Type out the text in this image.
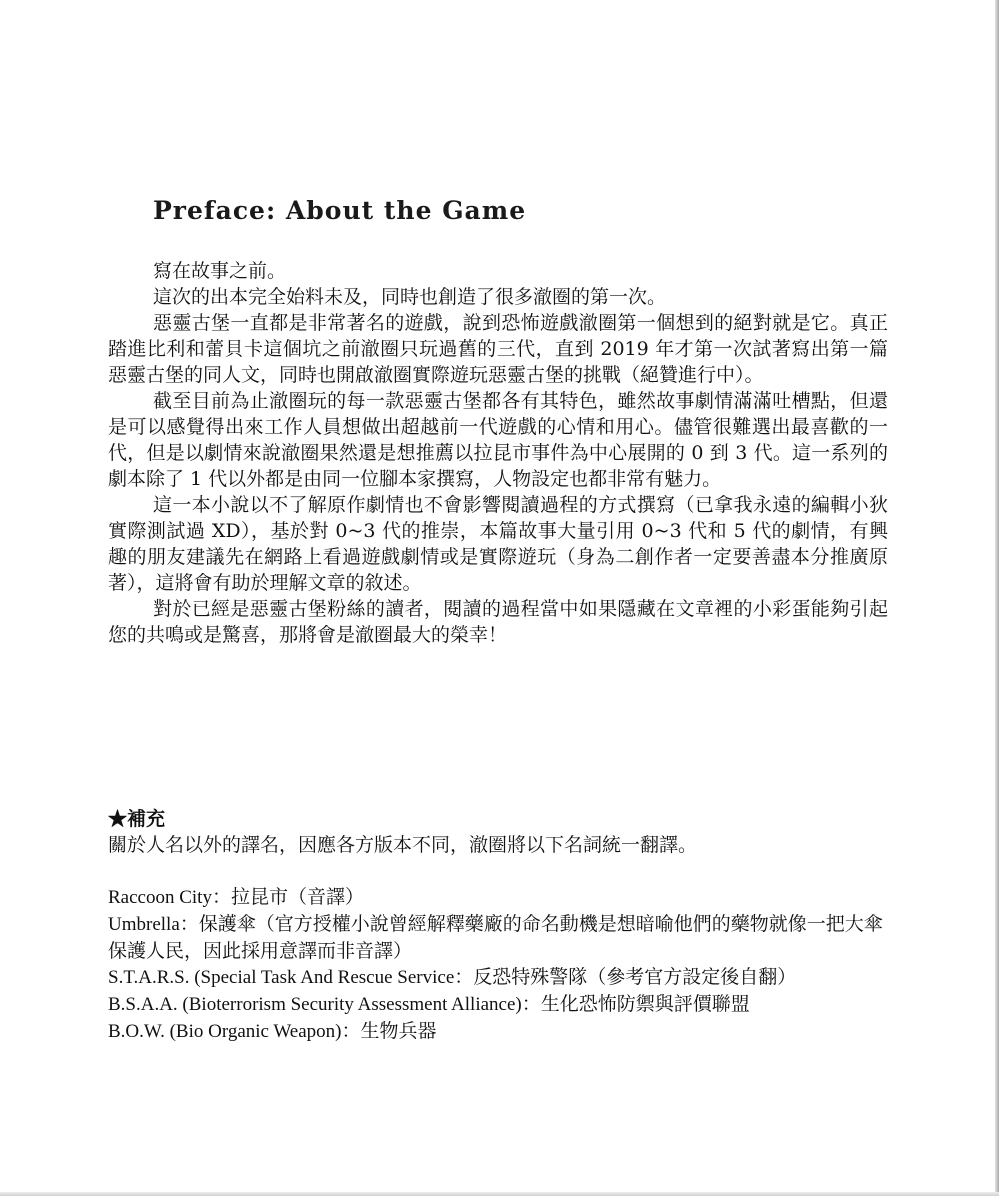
Preface: About the Game

寫在故事之前。

這次的出本完全始料未及，同時也創造了很多澈圈的第一次。

惡靈古堡一直都是非常著名的遊戲，說到恐怖遊戲澈圈第一個想到的絕對就是它。真正踏進比利和蕾貝卡這個坑之前澈圈只玩過舊的三代，直到 2019 年才第一次試著寫出第一篇惡靈古堡的同人文，同時也開啟澈圈實際遊玩惡靈古堡的挑戰（絕贊進行中）。

截至目前為止澈圈玩的每一款惡靈古堡都各有其特色，雖然故事劇情滿滿吐槽點，但還是可以感覺得出來工作人員想做出超越前一代遊戲的心情和用心。儘管很難選出最喜歡的一代，但是以劇情來說澈圈果然還是想推薦以拉昆市事件為中心展開的 0 到 3 代。這一系列的劇本除了 1 代以外都是由同一位腳本家撰寫，人物設定也都非常有魅力。

這一本小說以不了解原作劇情也不會影響閱讀過程的方式撰寫（已拿我永遠的編輯小狄實際測試過 XD），基於對 0~3 代的推崇，本篇故事大量引用 0~3 代和 5 代的劇情，有興趣的朋友建議先在網路上看過遊戲劇情或是實際遊玩（身為二創作者一定要善盡本分推廣原著），這將會有助於理解文章的敘述。

對於已經是惡靈古堡粉絲的讀者，閱讀的過程當中如果隱藏在文章裡的小彩蛋能夠引起您的共鳴或是驚喜，那將會是澈圈最大的榮幸！

★補充

關於人名以外的譯名，因應各方版本不同，澈圈將以下名詞統一翻譯。

Raccoon City：拉昆市（音譯）

Umbrella：保護傘（官方授權小說曾經解釋藥廠的命名動機是想暗喻他們的藥物就像一把大傘保護人民，因此採用意譯而非音譯）

S.T.A.R.S. (Special Task And Rescue Service：反恐特殊警隊（參考官方設定後自翻）

B.S.A.A. (Bioterrorism Security Assessment Alliance)：生化恐怖防禦與評價聯盟

B.O.W. (Bio Organic Weapon)：生物兵器
